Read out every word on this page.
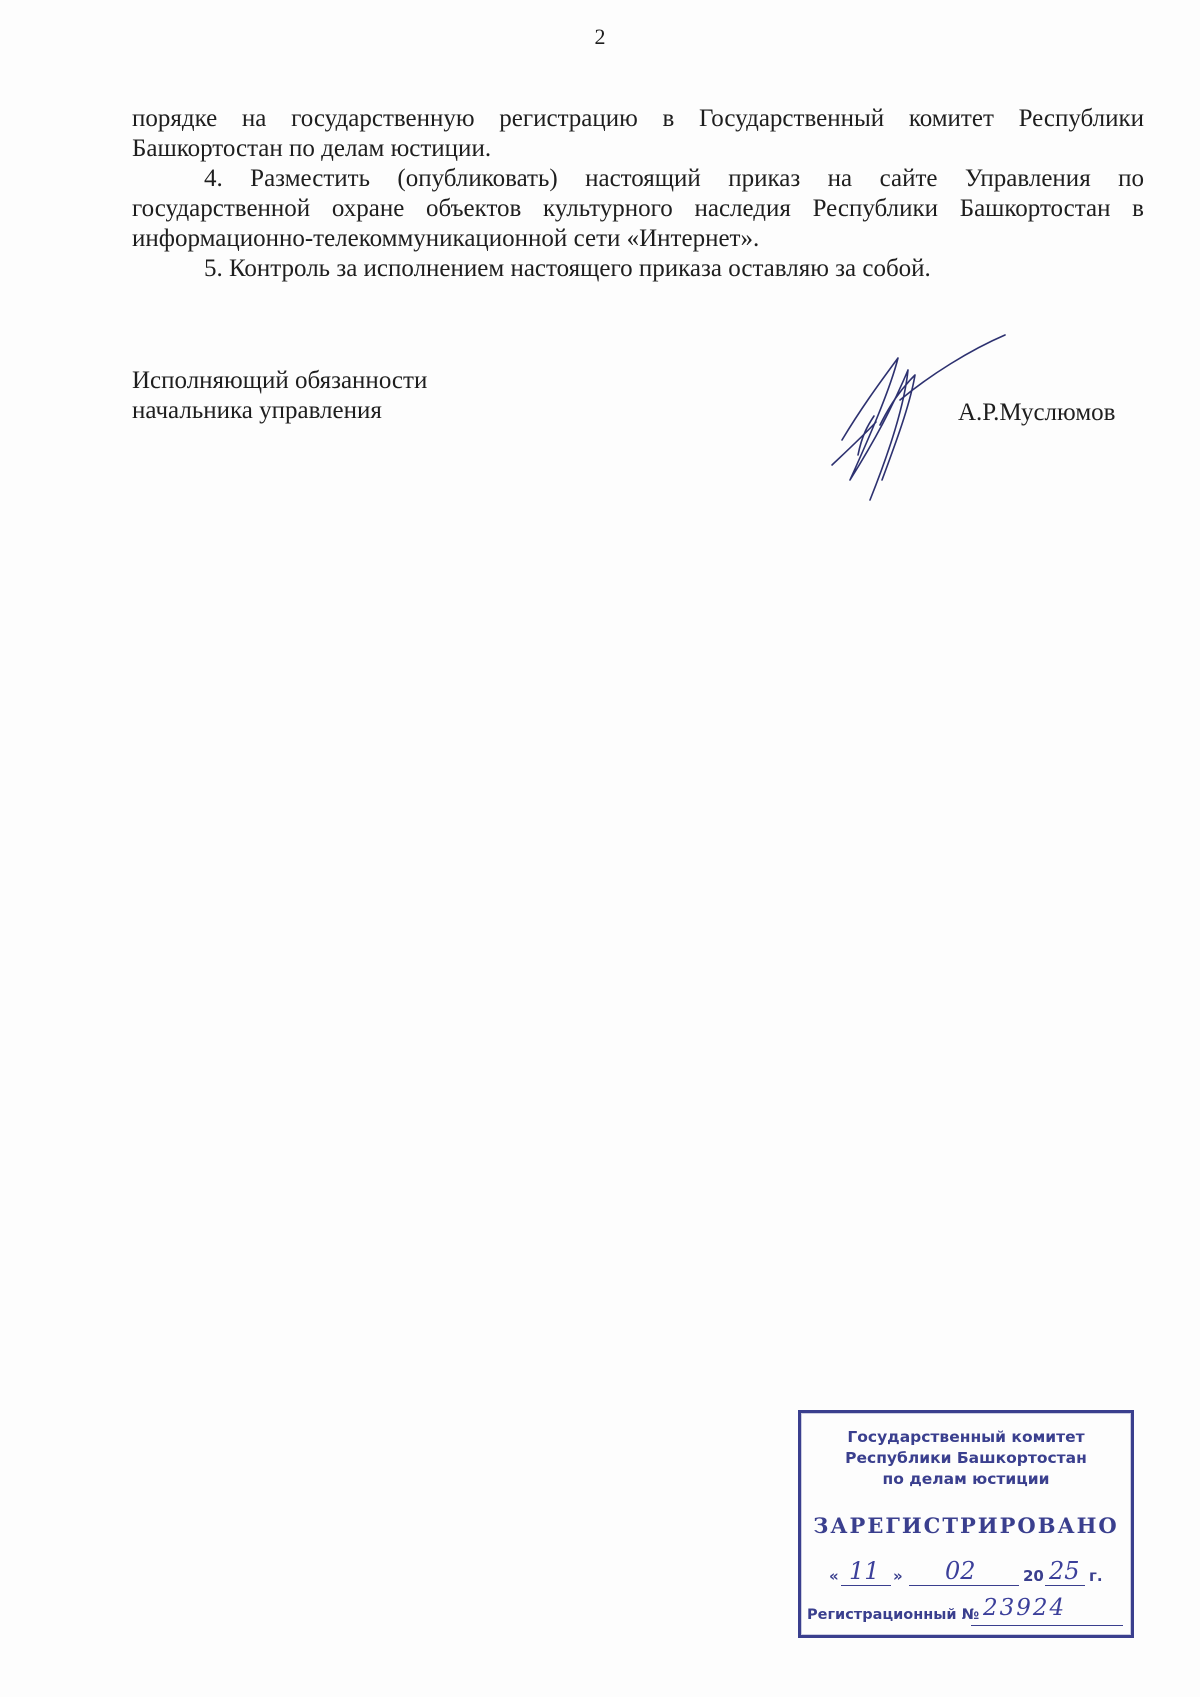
2

порядке на государственную регистрацию в Государственный комитет Республики Башкортостан по делам юстиции.

4. Разместить (опубликовать) настоящий приказ на сайте Управления по государственной охране объектов культурного наследия Республики Башкортостан в информационно-телекоммуникационной сети «Интернет».

5. Контроль за исполнением настоящего приказа оставляю за собой.

Исполняющий обязанности
начальника управления	А.Р.Муслюмов
Государственный комитет
Республики Башкортостан
по делам юстиции
ЗАРЕГИСТРИРОВАНО
« 11 » 02	20 25 г.
Регистрационный № 23924
